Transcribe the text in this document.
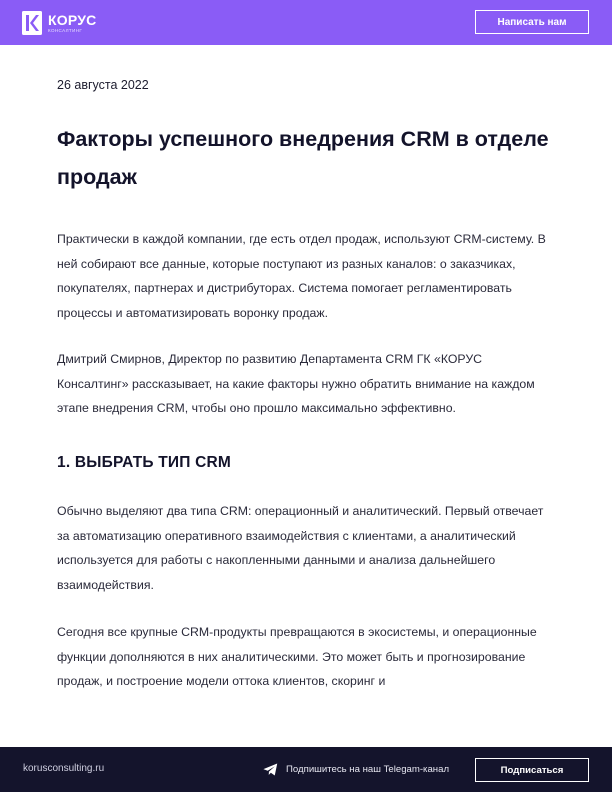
КОРУС
КОНСАЛТИНГ
Написать нам
26 августа 2022
Факторы успешного внедрения CRM в отделе продаж

Практически в каждой компании, где есть отдел продаж, используют CRM-систему. В ней собирают все данные, которые поступают из разных каналов: о заказчиках, покупателях, партнерах и дистрибуторах. Система помогает регламентировать процессы и автоматизировать воронку продаж.

Дмитрий Смирнов, Директор по развитию Департамента CRM ГК «КОРУС Консалтинг» рассказывает, на какие факторы нужно обратить внимание на каждом этапе внедрения CRM, чтобы оно прошло максимально эффективно.

1. ВЫБРАТЬ ТИП CRM

Обычно выделяют два типа CRM: операционный и аналитический. Первый отвечает за автоматизацию оперативного взаимодействия с клиентами, а аналитический используется для работы с накопленными данными и анализа дальнейшего взаимодействия.

Сегодня все крупные CRM-продукты превращаются в экосистемы, и операционные функции дополняются в них аналитическими. Это может быть и прогнозирование продаж, и построение модели оттока клиентов, скоринг и

korusconsulting.ru	Подпишитесь на наш Telegam-канал	Подписаться
